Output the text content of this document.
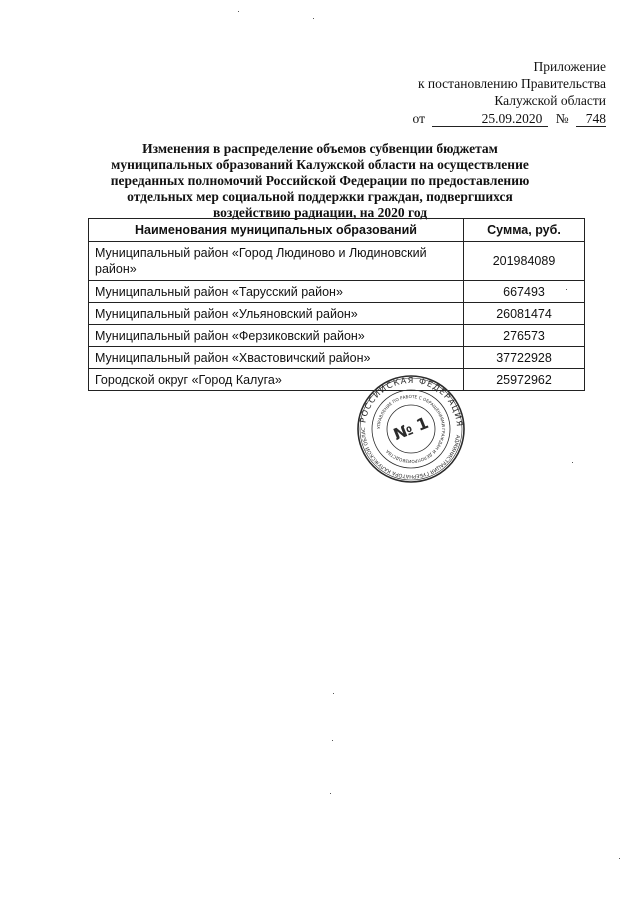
Приложение
к постановлению Правительства
Калужской области
от	25.09.2020 № 748
Изменения в распределение объемов субвенции бюджетам муниципальных образований Калужской области на осуществление переданных полномочий Российской Федерации по предоставлению отдельных мер социальной поддержки граждан, подвергшихся воздействию радиации, на 2020 год
Наименования муниципальных образований	Сумма, руб.
Муниципальный район «Город Людиново и Людиновский район»	201984089
Муниципальный район «Тарусский район»	667493
Муниципальный район «Ульяновский район»	26081474
Муниципальный район «Ферзиковский район»	276573
Муниципальный район «Хвастовичский район»	37722928
Городской округ «Город Калуга»	25972962
РОССИЙСКАЯ ФЕДЕРАЦИЯ
АДМИНИСТРАЦИЯ ГУБЕРНАТОРА КАЛУЖСКОЙ ОБЛАС	УПРАВЛЕНИЕ ПО РАБОТЕ С ОБРАЩЕНИЯМИ ГРАЖДАН И ДЕЛОПРОИЗВОДСТВА
№ 1
